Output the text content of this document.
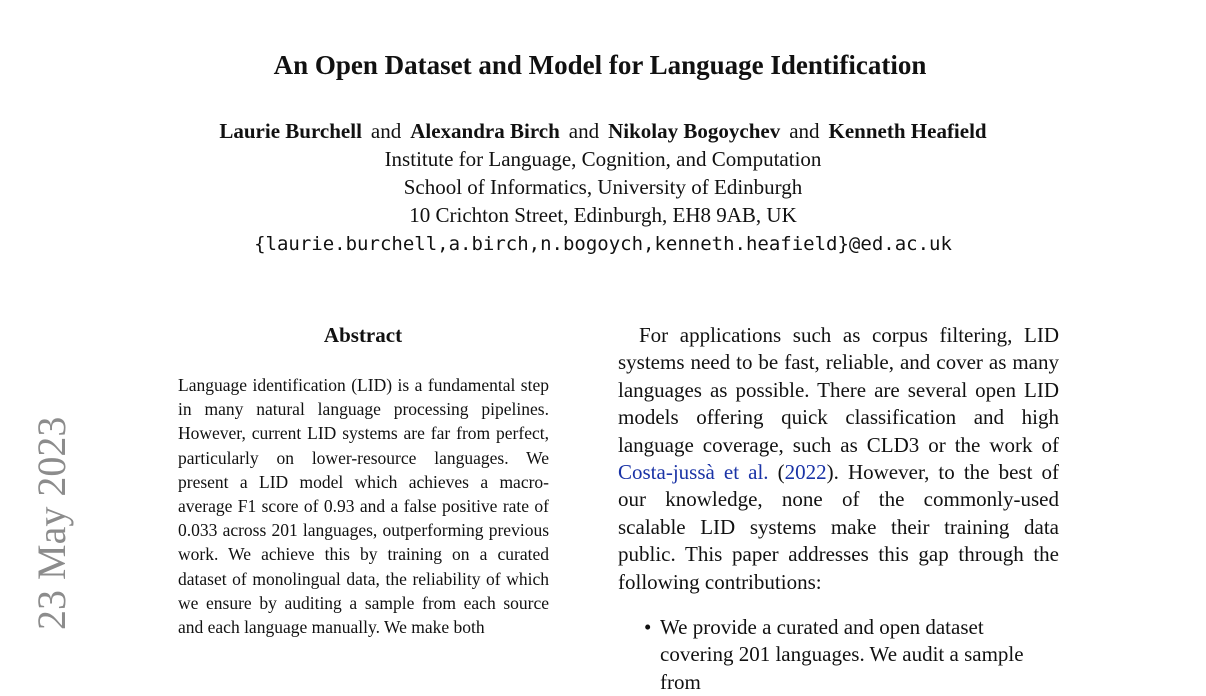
An Open Dataset and Model for Language Identification
Laurie Burchell and Alexandra Birch and Nikolay Bogoychev and Kenneth Heafield
Institute for Language, Cognition, and Computation
School of Informatics, University of Edinburgh
10 Crichton Street, Edinburgh, EH8 9AB, UK
{laurie.burchell,a.birch,n.bogoych,kenneth.heafield}@ed.ac.uk
23 May 2023
Abstract

Language identification (LID) is a fundamental step in many natural language processing pipelines. However, current LID systems are far from perfect, particularly on lower-resource languages. We present a LID model which achieves a macro-average F1 score of 0.93 and a false positive rate of 0.033 across 201 languages, outperforming previous work. We achieve this by training on a curated dataset of monolingual data, the reliability of which we ensure by auditing a sample from each source and each language manually. We make both

For applications such as corpus filtering, LID systems need to be fast, reliable, and cover as many languages as possible. There are several open LID models offering quick classification and high language coverage, such as CLD3 or the work of Costa-jussà et al. (2022). However, to the best of our knowledge, none of the commonly-used scalable LID systems make their training data public. This paper addresses this gap through the following contributions:

• We provide a curated and open dataset covering 201 languages. We audit a sample from
